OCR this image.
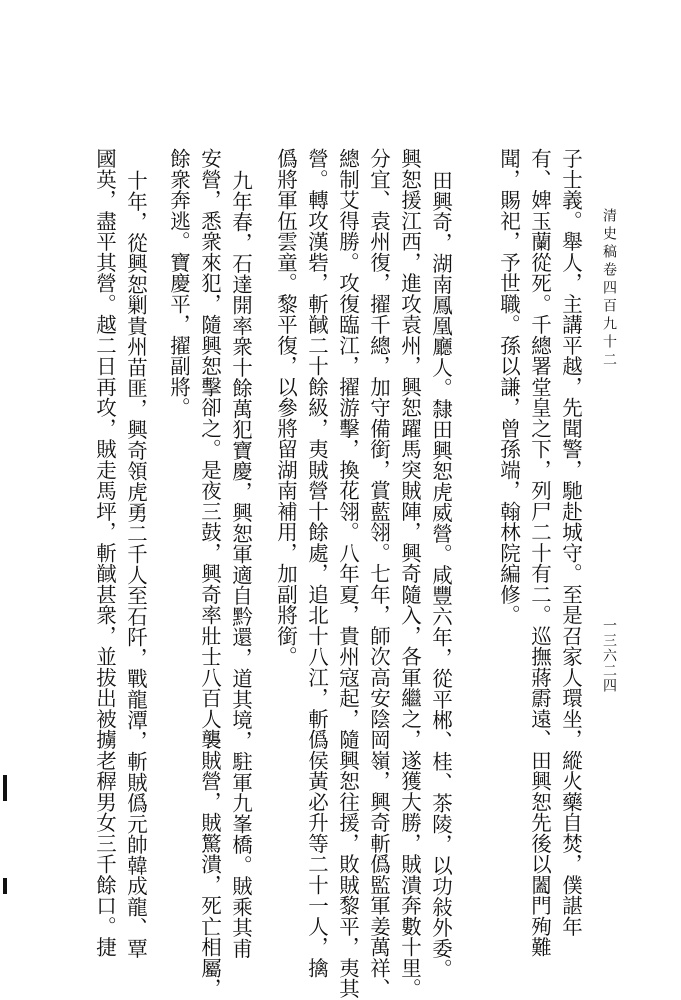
清史稿卷四百九十二
一三六二四
子士義。舉人，主講平越，先聞警，馳赴城守。至是召家人環坐，縱火藥自焚，僕諶年
有、婢玉蘭從死。千總署堂皇之下，列尸二十有二。巡撫蔣霨遠、田興恕先後以闔門殉難
聞，賜祀，予世職。孫以謙，曾孫端，翰林院編修。
田興奇，湖南鳳凰廳人。隸田興恕虎威營。咸豐六年，從平郴、桂、茶陵，以功敍外委。
興恕援江西，進攻袁州，興恕躍馬突賊陣，興奇隨入，各軍繼之，遂獲大勝，賊潰奔數十里。
分宜、袁州復，擢千總，加守備銜，賞藍翎。七年，師次高安陰岡嶺，興奇斬僞監軍姜萬祥、
總制艾得勝。攻復臨江，擢游擊，換花翎。八年夏，貴州寇起，隨興恕往援，敗賊黎平，夷其
營。轉攻漢砦，斬馘二十餘級，夷賊營十餘處，追北十八江，斬僞侯黃必升等二十一人，擒
僞將軍伍雲童。黎平復，以參將留湖南補用，加副將銜。
九年春，石達開率衆十餘萬犯寶慶，興恕軍適自黔還，道其境，駐軍九峯橋。賊乘其甫
安營，悉衆來犯，隨興恕擊卻之。是夜三鼓，興奇率壯士八百人襲賊營，賊驚潰，死亡相屬，
餘衆奔逃。寶慶平，擢副將。
十年，從興恕剿貴州苗匪，興奇領虎勇二千人至石阡，戰龍潭，斬賊僞元帥韓成龍、覃
國英，盡平其營。越二日再攻，賊走馬坪，斬馘甚衆，並拔出被擄老稺男女三千餘口。捷
